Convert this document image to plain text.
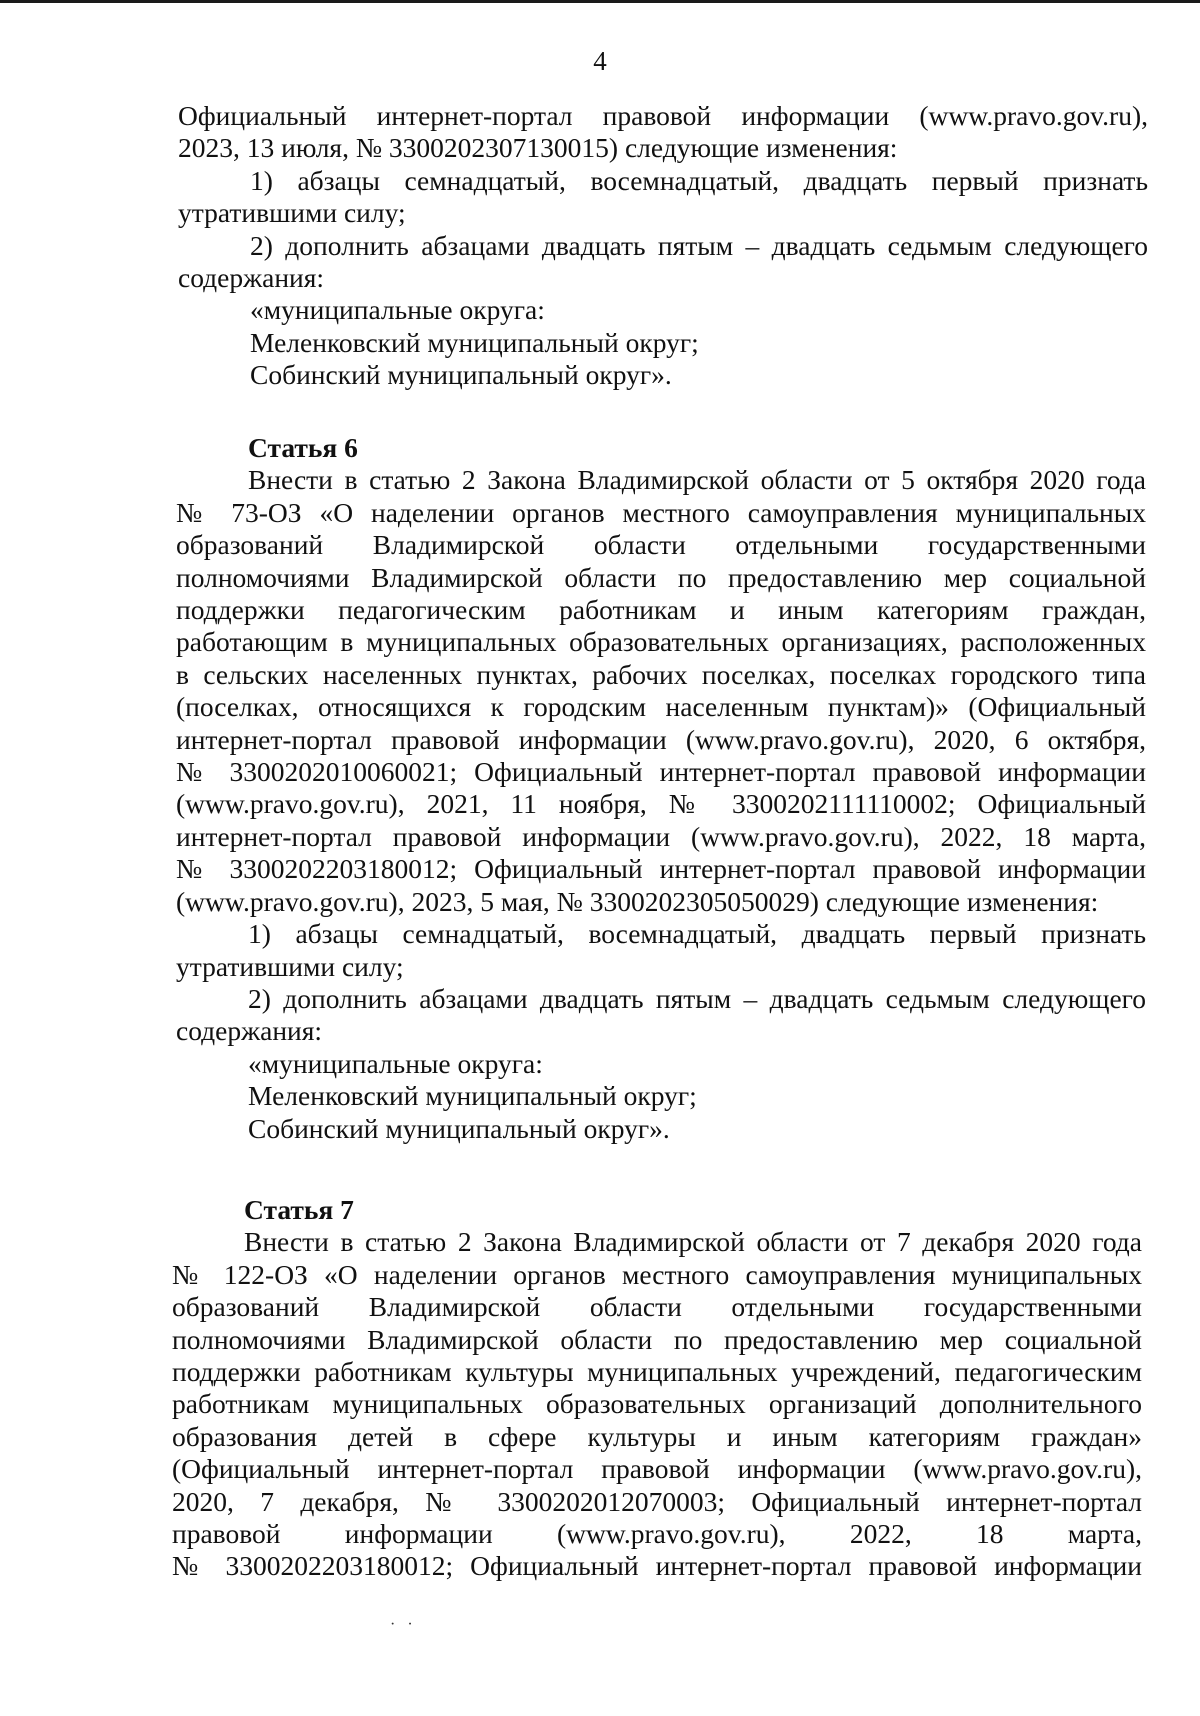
4
Официальный интернет-портал правовой информации (www.pravo.gov.ru),
2023, 13 июля, № 3300202307130015) следующие изменения:
1) абзацы семнадцатый, восемнадцатый, двадцать первый признать
утратившими силу;
2) дополнить абзацами двадцать пятым – двадцать седьмым следующего
содержания:
«муниципальные округа:
Меленковский муниципальный округ;
Собинский муниципальный округ».
Статья 6
Внести в статью 2 Закона Владимирской области от 5 октября 2020 года
№ 73-ОЗ «О наделении органов местного самоуправления муниципальных
образований Владимирской области отдельными государственными
полномочиями Владимирской области по предоставлению мер социальной
поддержки педагогическим работникам и иным категориям граждан,
работающим в муниципальных образовательных организациях, расположенных
в сельских населенных пунктах, рабочих поселках, поселках городского типа
(поселках, относящихся к городским населенным пунктам)» (Официальный
интернет-портал правовой информации (www.pravo.gov.ru), 2020, 6 октября,
№ 3300202010060021; Официальный интернет-портал правовой информации
(www.pravo.gov.ru), 2021, 11 ноября, № 3300202111110002; Официальный
интернет-портал правовой информации (www.pravo.gov.ru), 2022, 18 марта,
№ 3300202203180012; Официальный интернет-портал правовой информации
(www.pravo.gov.ru), 2023, 5 мая, № 3300202305050029) следующие изменения:
1) абзацы семнадцатый, восемнадцатый, двадцать первый признать
утратившими силу;
2) дополнить абзацами двадцать пятым – двадцать седьмым следующего
содержания:
«муниципальные округа:
Меленковский муниципальный округ;
Собинский муниципальный округ».
Статья 7
Внести в статью 2 Закона Владимирской области от 7 декабря 2020 года
№ 122-ОЗ «О наделении органов местного самоуправления муниципальных
образований Владимирской области отдельными государственными
полномочиями Владимирской области по предоставлению мер социальной
поддержки работникам культуры муниципальных учреждений, педагогическим
работникам муниципальных образовательных организаций дополнительного
образования детей в сфере культуры и иным категориям граждан»
(Официальный интернет-портал правовой информации (www.pravo.gov.ru),
2020, 7 декабря, № 3300202012070003; Официальный интернет-портал
правовой информации (www.pravo.gov.ru), 2022, 18 марта,
№ 3300202203180012; Официальный интернет-портал правовой информации
·   ·
